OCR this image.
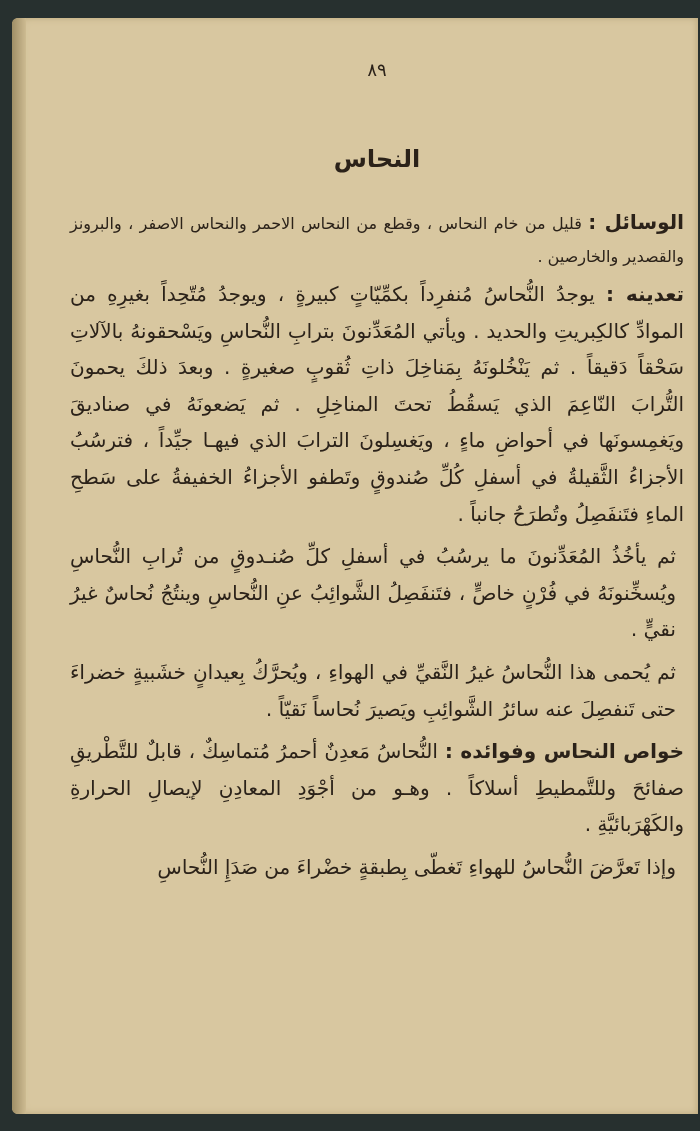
٨٩
النحاس
الوسائل : قليل من خام النحاس ، وقطع من النحاس الاحمر والنحاس الاصفر ، والبرونز والقصدير والخارصين .

تعدينه : يوجدُ النُّحاسُ مُنفرِداً بكمِّيّاتٍ كبيرةٍ ، ويوجدُ مُتّحِداً بغيرِهِ من الموادِّ كالكِبريتِ والحديد . ويأتي المُعَدِّنونَ بترابِ النُّحاسِ ويَسْحقونهُ بالآلاتِ سَحْقاً دَقيقاً . ثم يَنْخُلونَهُ بِمَناخِلَ ذاتِ ثُقوبٍ صغيرةٍ . وبعدَ ذلكَ يحمونَ التُّرابَ النّاعِمَ الذي يَسقُطُ تحتَ المناخِلِ . ثم يَضعونَهُ في صناديقَ ويَغمِسونَها في أحواضِ ماءٍ ، ويَغسِلونَ الترابَ الذي فيهـا جيِّداً ، فترسُبُ الأجزاءُ الثَّقيلةُ في أسفلِ كُلِّ صُندوقٍ وتَطفو الأجزاءُ الخفيفةُ على سَطحِ الماءِ فتَنفَصِلُ وتُطرَحُ جانباً .

ثم يأخُذُ المُعَدِّنونَ ما يرسُبُ في أسفلِ كلِّ صُنـدوقٍ من تُرابِ النُّحاسِ ويُسخِّنونَهُ في فُرْنٍ خاصٍّ ، فتَنفَصِلُ الشَّوائِبُ عنِ النُّحاسِ وينتُجُ نُحاسٌ غيرُ نقيٍّ .

ثم يُحمى هذا النُّحاسُ غيرُ النَّقيِّ في الهواءِ ، ويُحرَّكُ بِعيدانٍ خشَبيةٍ خضراءَ حتى تَنفصِلَ عنه سائرُ الشَّوائِبِ ويَصيرَ نُحاساً نَقيّاً .

خواص النحاس وفوائده : النُّحاسُ مَعدِنٌ أحمرُ مُتماسِكٌ ، قابلٌ للتَّطْريقِ صفائحَ وللتَّمطيطِ أسلاكاً . وهـو من أجْوَدِ المعادِنِ لإيصالِ الحرارةِ والكَهْرَبائيَّةِ .

وإذا تَعرَّضَ النُّحاسُ للهواءِ تَغطّى بِطبقةٍ خضْراءَ من صَدَإِ النُّحاسِ
